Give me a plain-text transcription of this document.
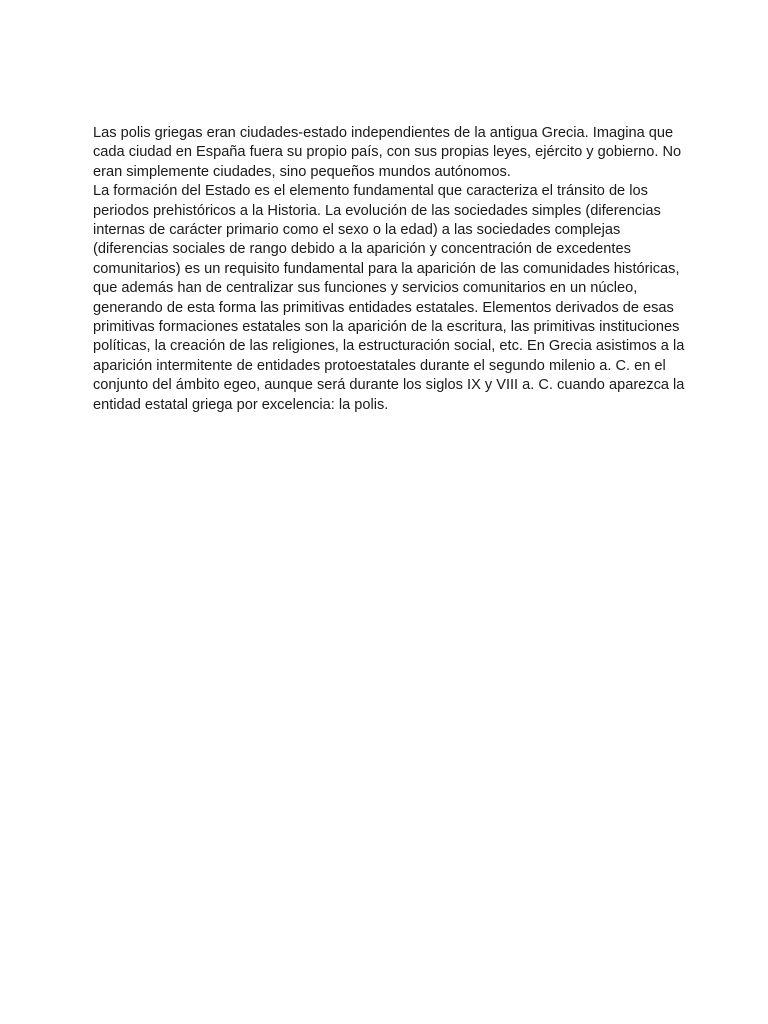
Las polis griegas eran ciudades-estado independientes de la antigua Grecia. Imagina que cada ciudad en España fuera su propio país, con sus propias leyes, ejército y gobierno. No eran simplemente ciudades, sino pequeños mundos autónomos.

La formación del Estado es el elemento fundamental que caracteriza el tránsito de los periodos prehistóricos a la Historia. La evolución de las sociedades simples (diferencias internas de carácter primario como el sexo o la edad) a las sociedades complejas (diferencias sociales de rango debido a la aparición y concentración de excedentes comunitarios) es un requisito fundamental para la aparición de las comunidades históricas, que además han de centralizar sus funciones y servicios comunitarios en un núcleo, generando de esta forma las primitivas entidades estatales. Elementos derivados de esas primitivas formaciones estatales son la aparición de la escritura, las primitivas instituciones políticas, la creación de las religiones, la estructuración social, etc. En Grecia asistimos a la aparición intermitente de entidades protoestatales durante el segundo milenio a. C. en el conjunto del ámbito egeo, aunque será durante los siglos IX y VIII a. C. cuando aparezca la entidad estatal griega por excelencia: la polis.
